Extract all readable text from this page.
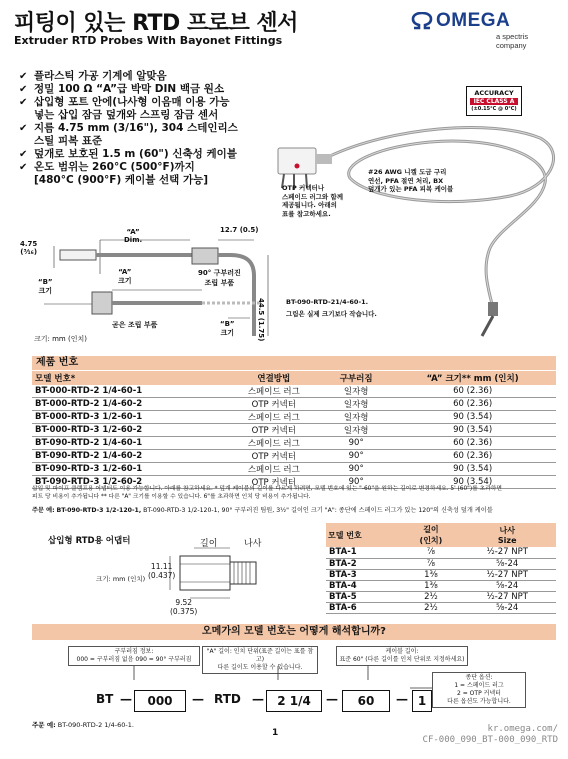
피팅이 있는 RTD 프로브 센서
Extruder RTD Probes With Bayonet Fittings
OMEGA
a spectris company
✔ 플라스틱 가공 기계에 알맞음
✔ 정밀 100 Ω “A”급 박막 DIN 백금 원소
✔ 삽입형 포트 안에(나사형 이음매 이용 가능
넣는 삽입 잠금 덮개와 스프링 잠금 센서
✔ 지름 4.75 mm (3/16"), 304 스테인리스
스틸 피복 표준
✔ 덮개로 보호된 1.5 m (60") 신축성 케이블
✔ 온도 범위는 260°C (500°F)까지
[480°C (900°F) 케이블 선택 가능]
ACCURACY
IEC CLASS A
(±0.15°C @ 0°C)
#26 AWG 니켈 도금 구리
연선, PFA 절연 처리, BX
덮개가 있는 PFA 피복 케이블
OTP 커넥터나
스페이드 러그와 함께
제공됩니다. 아래의
표를 참고하세요.
BT-090-RTD-21/4-60-1.
그림은 실제 크기보다 작습니다.
4.75
(³⁄₁₆)
“A”
Dim.
12.7 (0.5)
90° 구부러진
조립 부품
44.5 (1.75)
“B”
크기
“A”
크기
곧은 조립 부품	“B”
크기
크기: mm (인치)
제품 번호
모델 번호*	연결방법	구부러짐	“A” 크기** mm (인치)
BT-000-RTD-2 1/4-60-1	스페이드 러그	일자형	60 (2.36)
BT-000-RTD-2 1/4-60-2	OTP 커넥터	일자형	60 (2.36)
BT-000-RTD-3 1/2-60-1	스페이드 러그	일자형	90 (3.54)
BT-000-RTD-3 1/2-60-2	OTP 커넥터	일자형	90 (3.54)
BT-090-RTD-2 1/4-60-1	스페이드 러그	90°	60 (2.36)
BT-090-RTD-2 1/4-60-2	OTP 커넥터	90°	60 (2.36)
BT-090-RTD-3 1/2-60-1	스페이드 러그	90°	90 (3.54)
BT-090-RTD-3 1/2-60-2	OTP 커넥터	90°	90 (3.54)
삽입 및 파이프 클램프용 어댑터도 이용 가능합니다. 아래를 참고하세요. * 덮개 케이블의 길이를 다르게 하려면, 모델 번호에 있는 "-60"을 원하는 길이로 변경하세요. 5' (60")를 초과하면
피트 당 비용이 추가됩니다 ** 다른 "A" 크기를 이용할 수 있습니다. 6"를 초과하면 인치 당 비용이 추가됩니다.
주문 예: BT-090-RTD-3 1/2-120-1, BT-090-RTD-3 1/2-120-1, 90° 구부러진 팀원, 3½" 길이인 크기 "A": 종단에 스페이드 러그가 있는 120"의 신축성 덮개 케이블
삽입형 RTD용 어댑터	길이	나사
11.11
(0.437)
9.52
(0.375)
크기: mm (인치)
모델 번호	길이
(인치)	나사
Size
BTA-1	⅞	½-27 NPT
BTA-2	⅞	⅝-24
BTA-3	1⅜	½-27 NPT
BTA-4	1⅜	⅝-24
BTA-5	2½	½-27 NPT
BTA-6	2½	⅝-24
오메가의 모델 번호는 어떻게 해석합니까?
구부러짐 정보:
000 = 구부러짐 없음 090 = 90° 구부러짐
"A" 길이: 인치 단위(표준 길이는 표를 참고)
다른 길이도 이용할 수 있습니다.
케이블 길이:
표준 60" (다른 길이를 인치 단위로 지정하세요)
종단 옵션:
1 = 스페이드 러그
2 = OTP 커넥터
다른 옵션도 가능합니다.
BT —	000	— RTD —	2 1/4	—	60	— 1
주문 예: BT-090-RTD-2 1/4-60-1.
1	kr.omega.com/
CF-000_090_BT-000_090_RTD
